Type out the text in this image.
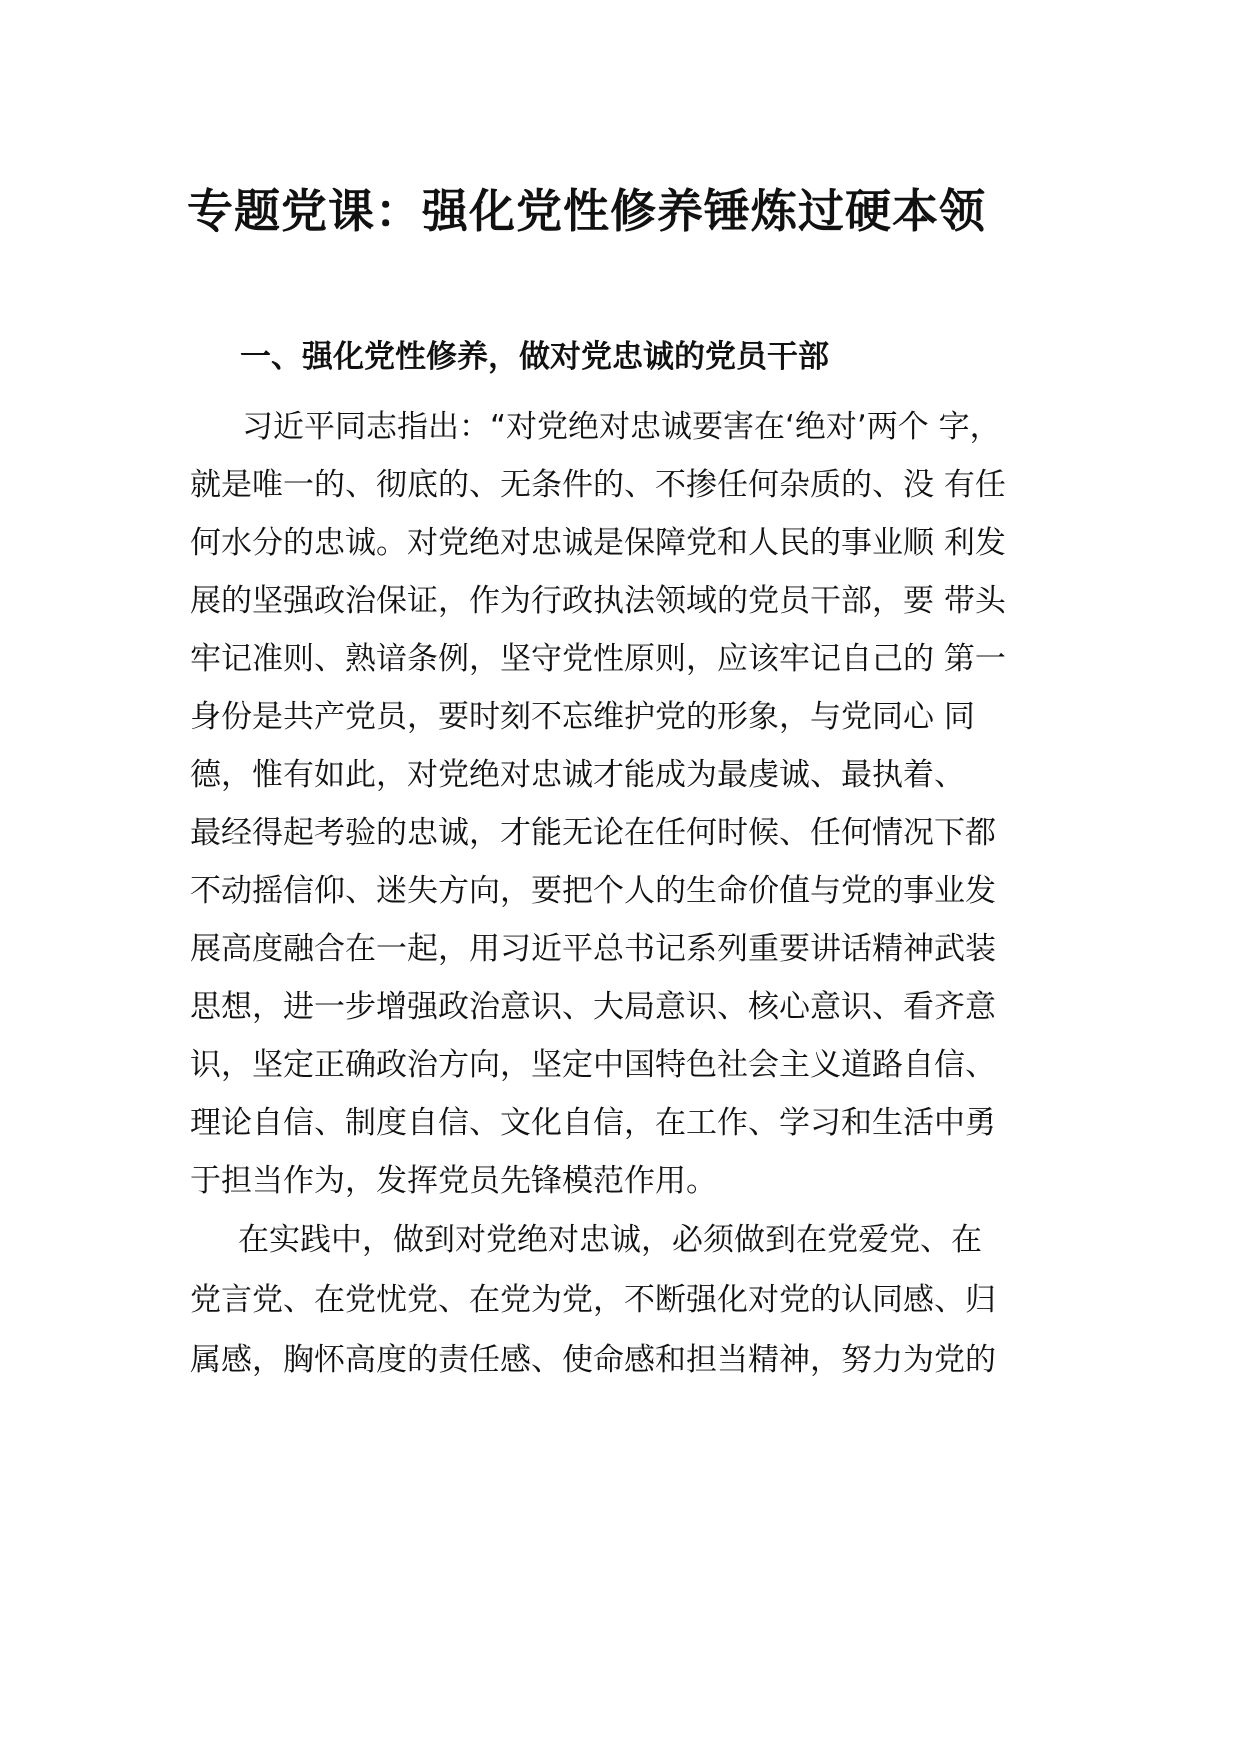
专题党课：强化党性修养锤炼过硬本领
一、强化党性修养，做对党忠诚的党员干部
习近平同志指出：“对党绝对忠诚要害在‘绝对’两个 字，
就是唯一的、彻底的、无条件的、不掺任何杂质的、没 有任
何水分的忠诚。对党绝对忠诚是保障党和人民的事业顺 利发
展的坚强政治保证，作为行政执法领域的党员干部，要 带头
牢记准则、熟谙条例，坚守党性原则，应该牢记自己的 第一
身份是共产党员，要时刻不忘维护党的形象，与党同心 同
德，惟有如此，对党绝对忠诚才能成为最虔诚、最执着、
最经得起考验的忠诚，才能无论在任何时候、任何情况下都
不动摇信仰、迷失方向，要把个人的生命价值与党的事业发
展高度融合在一起，用习近平总书记系列重要讲话精神武装
思想，进一步增强政治意识、大局意识、核心意识、看齐意
识，坚定正确政治方向，坚定中国特色社会主义道路自信、
理论自信、制度自信、文化自信，在工作、学习和生活中勇
于担当作为，发挥党员先锋模范作用。
在实践中，做到对党绝对忠诚，必须做到在党爱党、在
党言党、在党忧党、在党为党，不断强化对党的认同感、归
属感，胸怀高度的责任感、使命感和担当精神，努力为党的
